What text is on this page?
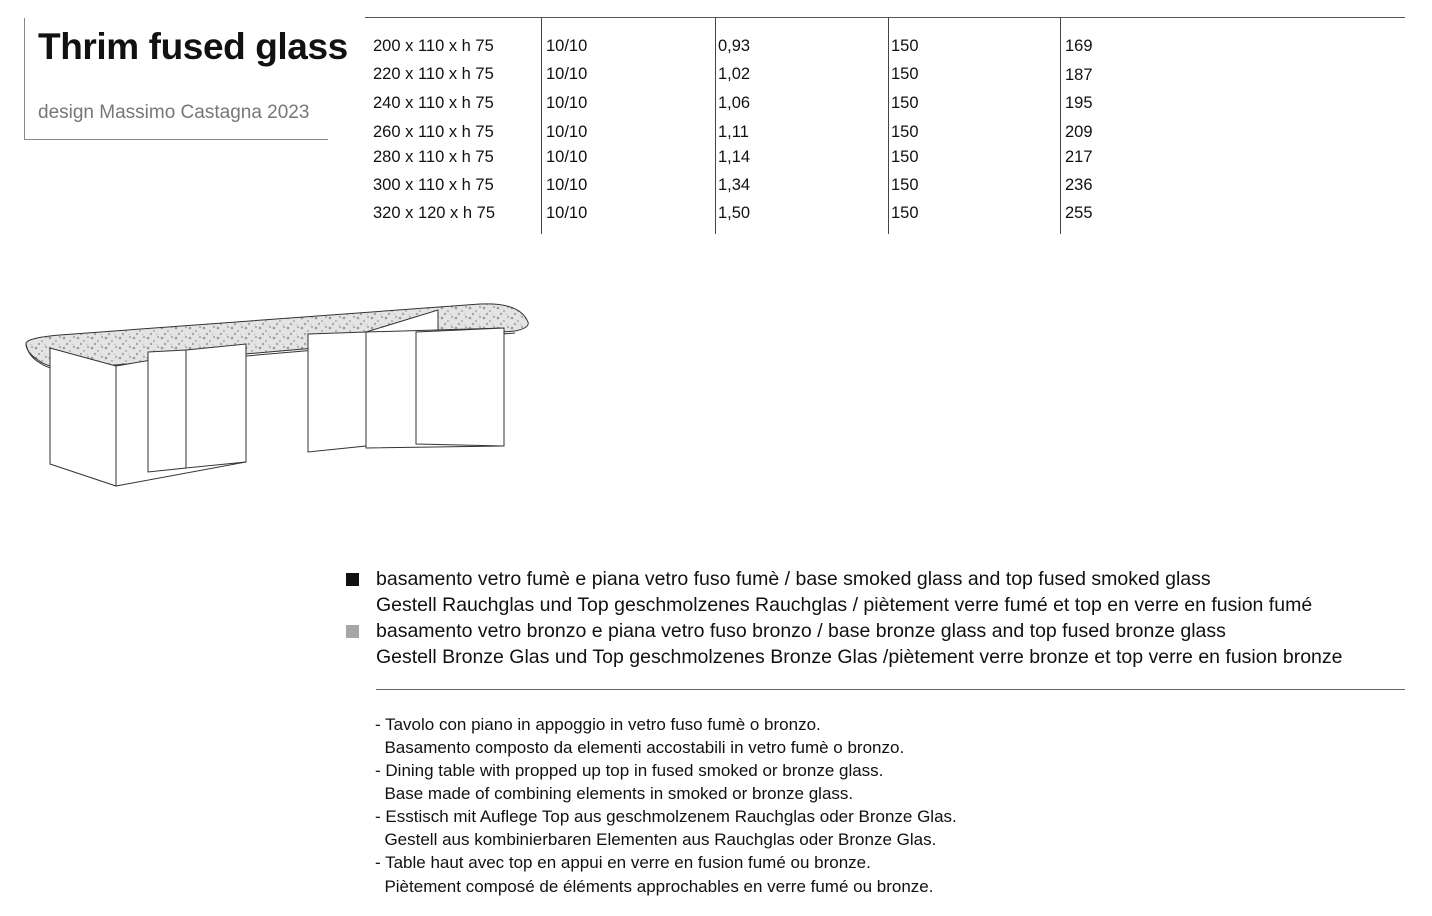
Thrim fused glass
design Massimo Castagna 2023
200 x 110 x h 75
220 x 110 x h 75
240 x 110 x h 75
260 x 110 x h 75
280 x 110 x h 75
300 x 110 x h 75
320 x 120 x h 75
10/10
10/10
10/10
10/10
10/10
10/10
10/10
0,93
1,02
1,06
1,11
1,14
1,34
1,50
150
150
150
150
150
150
150
169
187
195
209
217
236
255
basamento vetro fumè e piana vetro fuso fumè / base smoked glass and top fused smoked glass
Gestell Rauchglas und Top geschmolzenes Rauchglas / piètement verre fumé et top en verre en fusion fumé
basamento vetro bronzo e piana vetro fuso bronzo / base bronze glass and top fused bronze glass
Gestell Bronze Glas und Top geschmolzenes Bronze Glas /piètement verre bronze et top verre en fusion bronze
- Tavolo con piano in appoggio in vetro fuso fumè o bronzo.
Basamento composto da elementi accostabili in vetro fumè o bronzo.
- Dining table with propped up top in fused smoked or bronze glass.
Base made of combining elements in smoked or bronze glass.
- Esstisch mit Auflege Top aus geschmolzenem Rauchglas oder Bronze Glas.
Gestell aus kombinierbaren Elementen aus Rauchglas oder Bronze Glas.
- Table haut avec top en appui en verre en fusion fumé ou bronze.
Piètement composé de éléments approchables en verre fumé ou bronze.
